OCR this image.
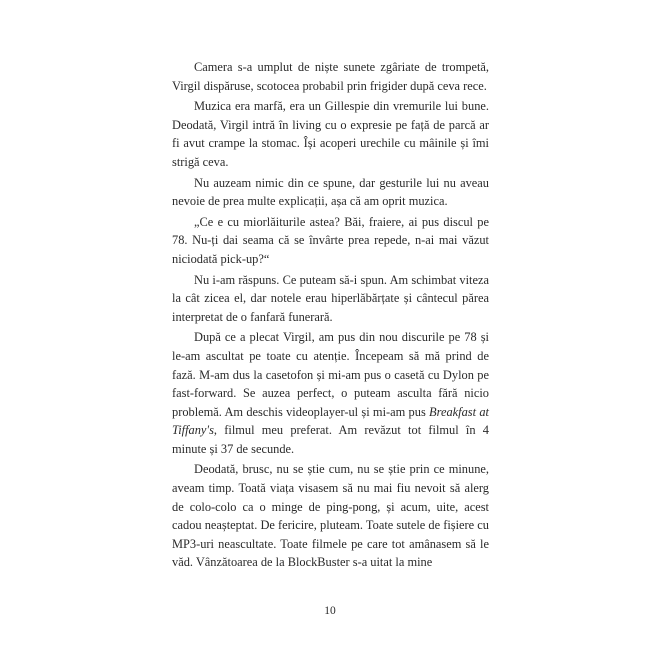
Camera s-a umplut de niște sunete zgâriate de trompetă, Virgil dispăruse, scotocea probabil prin frigider după ceva rece.

Muzica era marfă, era un Gillespie din vremurile lui bune. Deodată, Virgil intră în living cu o expresie pe față de parcă ar fi avut crampe la stomac. Își acoperi urechile cu mâinile și îmi strigă ceva.

Nu auzeam nimic din ce spune, dar gesturile lui nu aveau nevoie de prea multe explicații, așa că am oprit muzica.

„Ce e cu miorlăiturile astea? Băi, fraiere, ai pus discul pe 78. Nu-ți dai seama că se învârte prea repede, n-ai mai văzut niciodată pick-up?“

Nu i-am răspuns. Ce puteam să-i spun. Am schimbat viteza la cât zicea el, dar notele erau hiperlăbărțate și cântecul părea interpretat de o fanfară funerară.

După ce a plecat Virgil, am pus din nou discurile pe 78 și le-am ascultat pe toate cu atenție. Începeam să mă prind de fază. M-am dus la casetofon și mi-am pus o casetă cu Dylon pe fast-forward. Se auzea perfect, o puteam asculta fără nicio problemă. Am deschis videoplayer-ul și mi-am pus Breakfast at Tiffany's, filmul meu preferat. Am revăzut tot filmul în 4 minute și 37 de secunde.

Deodată, brusc, nu se știe cum, nu se știe prin ce minune, aveam timp. Toată viața visasem să nu mai fiu nevoit să alerg de colo-colo ca o minge de ping-pong, și acum, uite, acest cadou neașteptat. De fericire, pluteam. Toate sutele de fișiere cu MP3-uri neascultate. Toate filmele pe care tot amânasem să le văd. Vânzătoarea de la BlockBuster s-a uitat la mine

10
